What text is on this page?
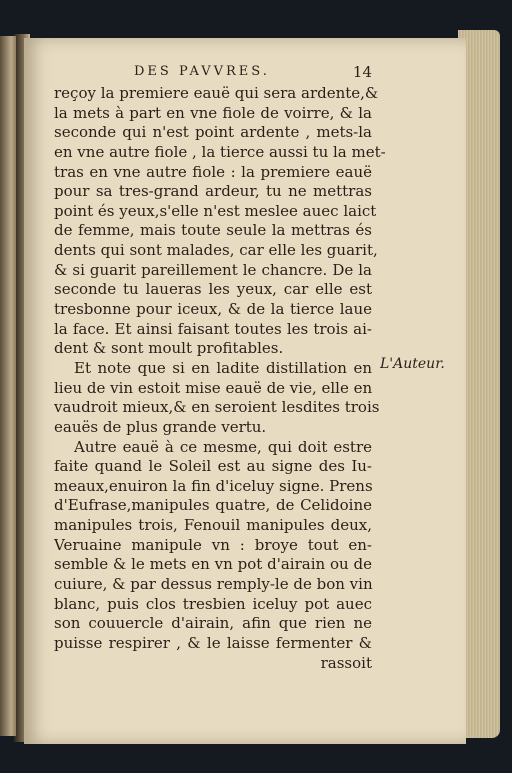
DES PAVVRES.	14
reçoy la premiere eauë qui sera ardente,&
la mets à part en vne fiole de voirre, & la
seconde qui n'est point ardente , mets-la
en vne autre fiole , la tierce aussi tu la met-
tras en vne autre fiole : la premiere eauë
pour sa tres-grand ardeur, tu ne mettras
point és yeux,s'elle n'est meslee auec laict
de femme, mais toute seule la mettras és
dents qui sont malades, car elle les guarit,
& si guarit pareillement le chancre. De la
seconde tu laueras les yeux, car elle est
tresbonne pour iceux, & de la tierce laue
la face. Et ainsi faisant toutes les trois ai-
dent & sont moult profitables.
Et note que si en ladite distillation en
lieu de vin estoit mise eauë de vie, elle en
vaudroit mieux,& en seroient lesdites trois
eauës de plus grande vertu.
Autre eauë à ce mesme, qui doit estre
faite quand le Soleil est au signe des Iu-
meaux,enuiron la fin d'iceluy signe. Prens
d'Eufrase,manipules quatre, de Celidoine
manipules trois, Fenouil manipules deux,
Veruaine manipule vn : broye tout en-
semble & le mets en vn pot d'airain ou de
cuiure, & par dessus remply-le de bon vin
blanc, puis clos tresbien iceluy pot auec
son couuercle d'airain, afin que rien ne
puisse respirer , & le laisse fermenter &
rassoit
L'Auteur.
